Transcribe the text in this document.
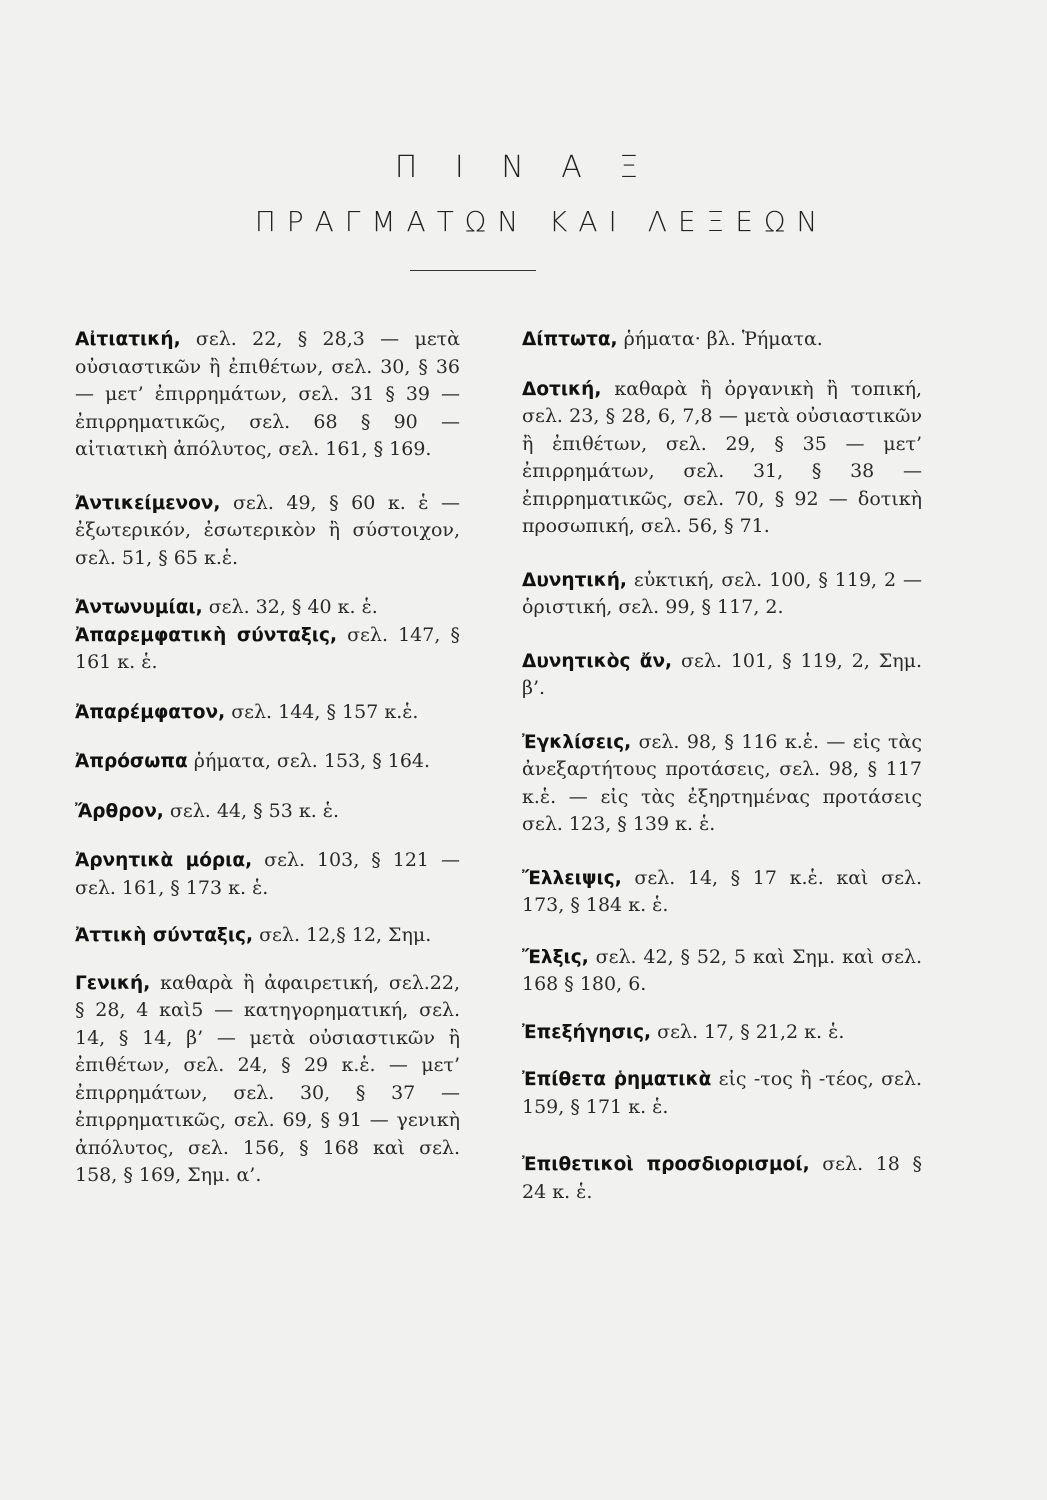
Π Ι Ν Α Ξ
ΠΡΑΓΜΑΤΩΝ ΚΑΙ ΛΕΞΕΩΝ
Αἰτιατική, σελ. 22, § 28,3 — μετὰ οὐσιαστικῶν ἢ ἐπιθέτων, σελ. 30, § 36 — μετ’ ἐπιρρημάτων, σελ. 31 § 39 — ἐπιρρηματικῶς, σελ. 68 § 90 — αἰτιατικὴ ἀπόλυτος, σελ. 161, § 169.
Ἀντικείμενον, σελ. 49, § 60 κ. ἑ — ἐξωτερικόν, ἐσωτερικὸν ἢ σύστοιχον, σελ. 51, § 65 κ.ἑ.
Ἀντωνυμίαι, σελ. 32, § 40 κ. ἑ.
Ἀπαρεμφατικὴ σύνταξις, σελ. 147, § 161 κ. ἑ.
Ἀπαρέμφατον, σελ. 144, § 157 κ.ἑ.
Ἀπρόσωπα ῥήματα, σελ. 153, § 164.
Ἄρθρον, σελ. 44, § 53 κ. ἑ.
Ἀρνητικὰ μόρια, σελ. 103, § 121 — σελ. 161, § 173 κ. ἑ.
Ἀττικὴ σύνταξις, σελ. 12,§ 12, Σημ.
Γενική, καθαρὰ ἢ ἀφαιρετική, σελ.22, § 28, 4 καὶ5 — κατηγορηματική, σελ. 14, § 14, β’ — μετὰ οὐσιαστικῶν ἢ ἐπιθέτων, σελ. 24, § 29 κ.ἑ. — μετ’ ἐπιρρημάτων, σελ. 30, § 37 — ἐπιρρηματικῶς, σελ. 69, § 91 — γενικὴ ἀπόλυτος, σελ. 156, § 168 καὶ σελ. 158, § 169, Σημ. α’.
Δίπτωτα, ῥήματα· βλ. Ῥήματα.
Δοτική, καθαρὰ ἢ ὀργανικὴ ἢ τοπική, σελ. 23, § 28, 6, 7,8 — μετὰ οὐσιαστικῶν ἢ ἐπιθέτων, σελ. 29, § 35 — μετ’ ἐπιρρημάτων, σελ. 31, § 38 — ἐπιρρηματικῶς, σελ. 70, § 92 — δοτικὴ προσωπική, σελ. 56, § 71.
Δυνητική, εὐκτική, σελ. 100, § 119, 2 — ὁριστική, σελ. 99, § 117, 2.
Δυνητικὸς ἄν, σελ. 101, § 119, 2, Σημ. β’.
Ἐγκλίσεις, σελ. 98, § 116 κ.ἑ. — εἰς τὰς ἀνεξαρτήτους προτάσεις, σελ. 98, § 117 κ.ἑ. — εἰς τὰς ἐξηρτημένας προτάσεις σελ. 123, § 139 κ. ἑ.
Ἔλλειψις, σελ. 14, § 17 κ.ἑ. καὶ σελ. 173, § 184 κ. ἑ.
Ἔλξις, σελ. 42, § 52, 5 καὶ Σημ. καὶ σελ. 168 § 180, 6.
Ἐπεξήγησις, σελ. 17, § 21,2 κ. ἑ.
Ἐπίθετα ῥηματικὰ εἰς -τος ἢ -τέος, σελ. 159, § 171 κ. ἑ.
Ἐπιθετικοὶ προσδιορισμοί, σελ. 18 § 24 κ. ἑ.
